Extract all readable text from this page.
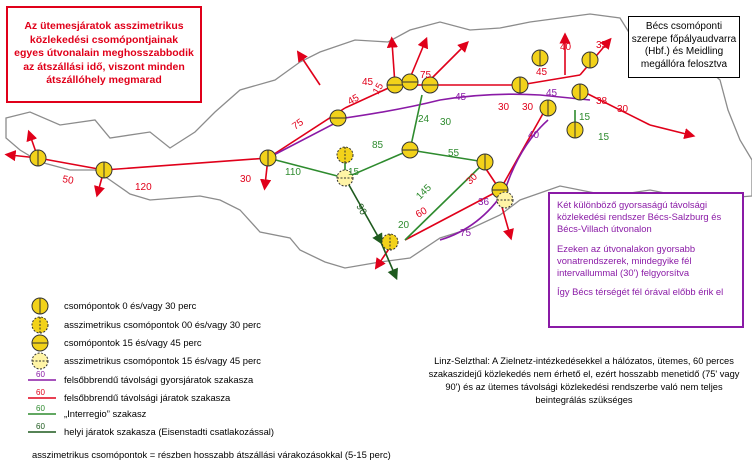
50
120
30
75
110	15
90
85
55
145
20
60
30
75
45
15
75
24
45
30
45
40 35
30
38
15
30
15
45
30
40
36
45
60
60
60
60
Az ütemesjáratok asszimetrikus közlekedési csomópontjainak egyes útvonalain meghosszabbodik az átszállási idő, viszont minden átszállóhely megmarad
Bécs csomóponti szerepe főpályaudvarra (Hbf.) és Meidling megállóra felosztva

Két különböző gyorsaságú távolsági közlekedési rendszer Bécs-Salzburg és Bécs-Villach útvonalon

Ezeken az útvonalakon gyorsabb vonatrendszerek, mindegyike fél intervallummal (30') felgyorsítva

Így Bécs térségét fél órával előbb érik el

Linz-Selzthal: A Zielnetz-intézkedésekkel a hálózatos, ütemes, 60 perces szakaszidejű közlekedés nem érhető el, ezért hosszabb menetidő (75' vagy 90') és az ütemes távolsági közlekedési rendszerbe való nem teljes beintegrálás szükséges
csomópontok 0 és/vagy 30 perc
asszimetrikus csomópontok 00 és/vagy 30 perc
csomópontok 15 és/vagy 45 perc
asszimetrikus csomópontok 15 és/vagy 45 perc
felsőbbrendű távolsági gyorsjáratok szakasza
felsőbbrendű távolsági járatok szakasza
„Interregio” szakasz
helyi járatok szakasza (Eisenstadti csatlakozással)
asszimetrikus csomópontok = részben hosszabb átszállási várakozásokkal (5-15 perc)
